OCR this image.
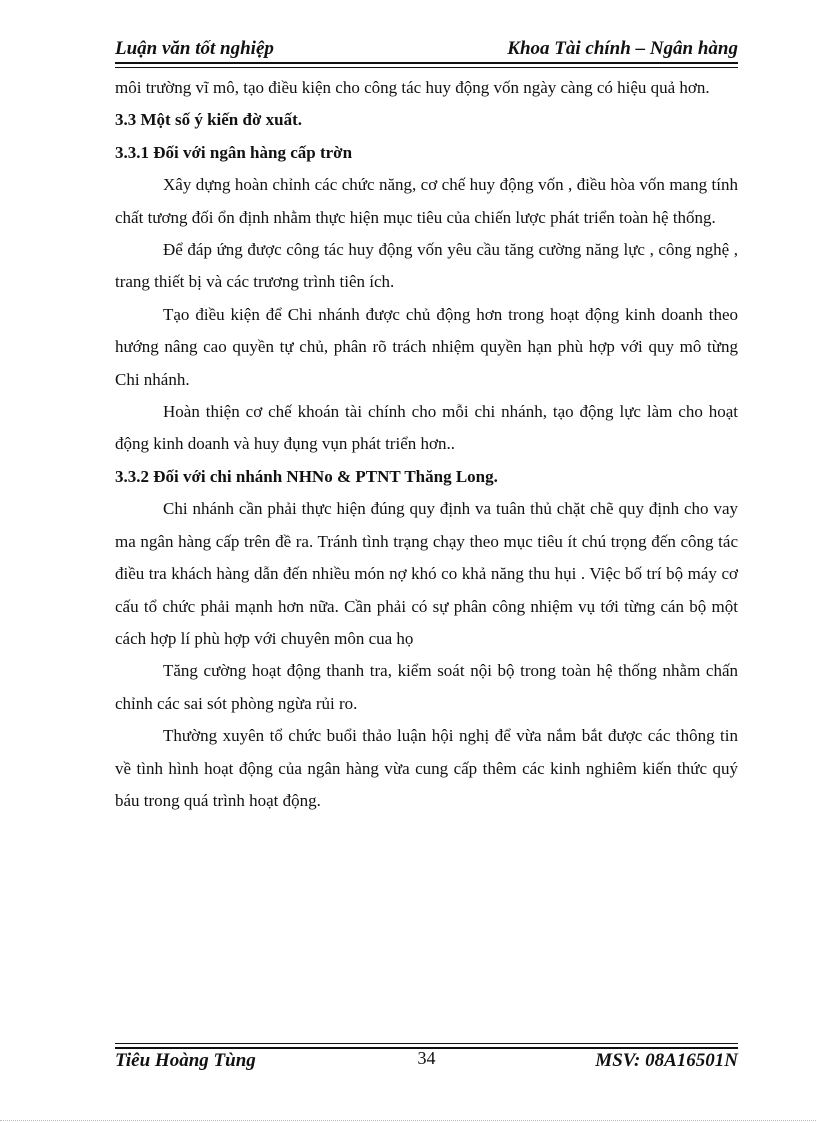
Luận văn tốt nghiệp	Khoa Tài chính – Ngân hàng

môi trường vĩ mô, tạo điều kiện cho công tác huy động vốn ngày càng có hiệu quả hơn.

3.3 Một số ý kiến đờ xuất.

3.3.1 Đối với ngân hàng cấp trờn

Xây dựng hoàn chỉnh các chức năng, cơ chế huy động vốn , điều hòa vốn mang tính chất tương đối ổn định nhằm thực hiện mục tiêu của chiến lược phát triển toàn hệ thống.

Để đáp ứng được công tác huy động vốn yêu cầu tăng cường năng lực , công nghệ , trang thiết bị và các trương trình tiên ích.

Tạo điều kiện để Chi nhánh được chủ động hơn trong hoạt động kinh doanh theo hướng nâng cao quyền tự chủ, phân rõ trách nhiệm quyền hạn phù hợp với quy mô từng Chi nhánh.

Hoàn thiện cơ chế khoán tài chính cho mỗi chi nhánh, tạo động lực làm cho hoạt động kinh doanh và huy đụng vụn phát triển hơn..

3.3.2 Đối với chi nhánh NHNo & PTNT Thăng Long.

Chi nhánh cần phải thực hiện đúng quy định va tuân thủ chặt chẽ quy định cho vay ma ngân hàng cấp trên đề ra. Tránh tình trạng chạy theo mục tiêu ít chú trọng đến công tác điều tra khách hàng dẫn đến nhiều món nợ khó co khả năng thu hụi . Việc bố trí bộ máy cơ cấu tổ chức phải mạnh hơn nữa. Cần phải có sự phân công nhiệm vụ tới từng cán bộ một cách hợp lí phù hợp với chuyên môn cua họ

Tăng cường hoạt động thanh tra, kiểm soát nội bộ trong toàn hệ thống nhằm chấn chỉnh các sai sót phòng ngừa rủi ro.

Thường xuyên tổ chức buổi thảo luận hội nghị để vừa nắm bắt được các thông tin về tình hình hoạt động của ngân hàng vừa cung cấp thêm các kinh nghiêm kiến thức quý báu trong quá trình hoạt động.

Tiêu Hoàng Tùng	34	MSV: 08A16501N
